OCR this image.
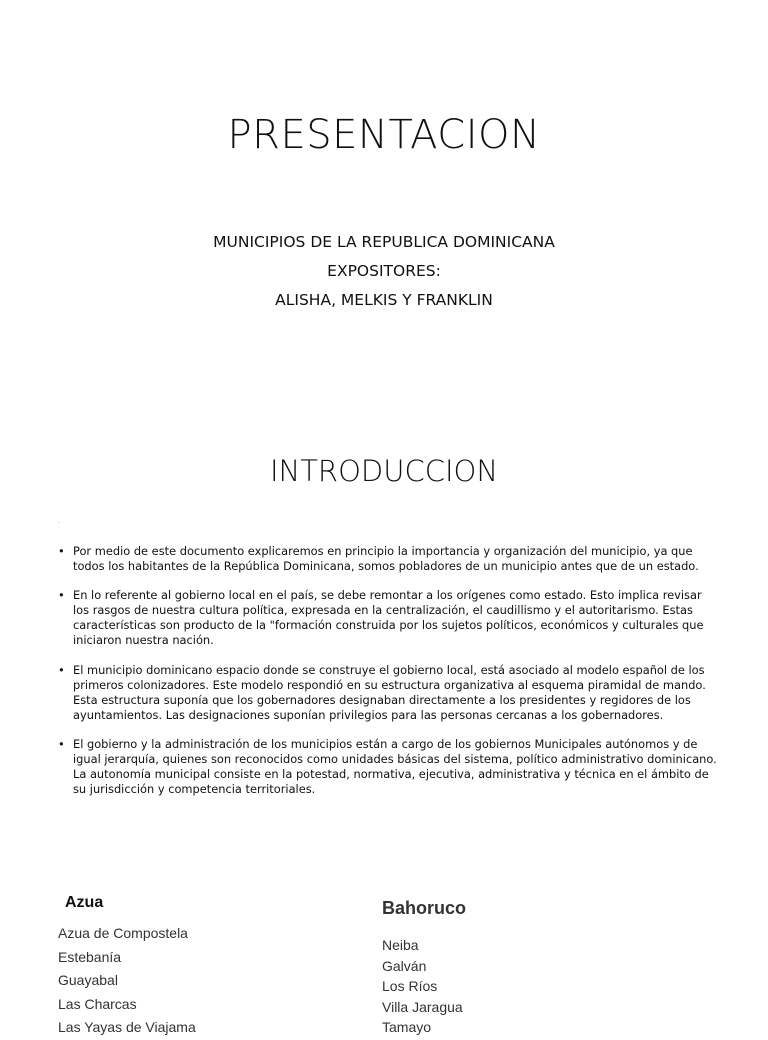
PRESENTACION
MUNICIPIOS DE LA REPUBLICA DOMINICANA
EXPOSITORES:
ALISHA, MELKIS Y FRANKLIN
INTRODUCCION
·
• Por medio de este documento explicaremos en principio la importancia y organización del municipio, ya que todos los habitantes de la República Dominicana, somos pobladores de un municipio antes que de un estado.
• En lo referente al gobierno local en el país, se debe remontar a los orígenes como estado. Esto implica revisar los rasgos de nuestra cultura política, expresada en la centralización, el caudillismo y el autoritarismo. Estas características son producto de la "formación construida por los sujetos políticos, económicos y culturales que iniciaron nuestra nación.
• El municipio dominicano espacio donde se construye el gobierno local, está asociado al modelo español de los primeros colonizadores. Este modelo respondió en su estructura organizativa al esquema piramidal de mando. Esta estructura suponía que los gobernadores designaban directamente a los presidentes y regidores de los ayuntamientos. Las designaciones suponían privilegios para las personas cercanas a los gobernadores.
• El gobierno y la administración de los municipios están a cargo de los gobiernos Municipales autónomos y de igual jerarquía, quienes son reconocidos como unidades básicas del sistema, político administrativo dominicano. La autonomía municipal consiste en la potestad, normativa, ejecutiva, administrativa y técnica en el ámbito de su jurisdicción y competencia territoriales.
Azua
Azua de Compostela
Estebanía
Guayabal
Las Charcas
Las Yayas de Viajama
Bahoruco
Neiba
Galván
Los Ríos
Villa Jaragua
Tamayo
